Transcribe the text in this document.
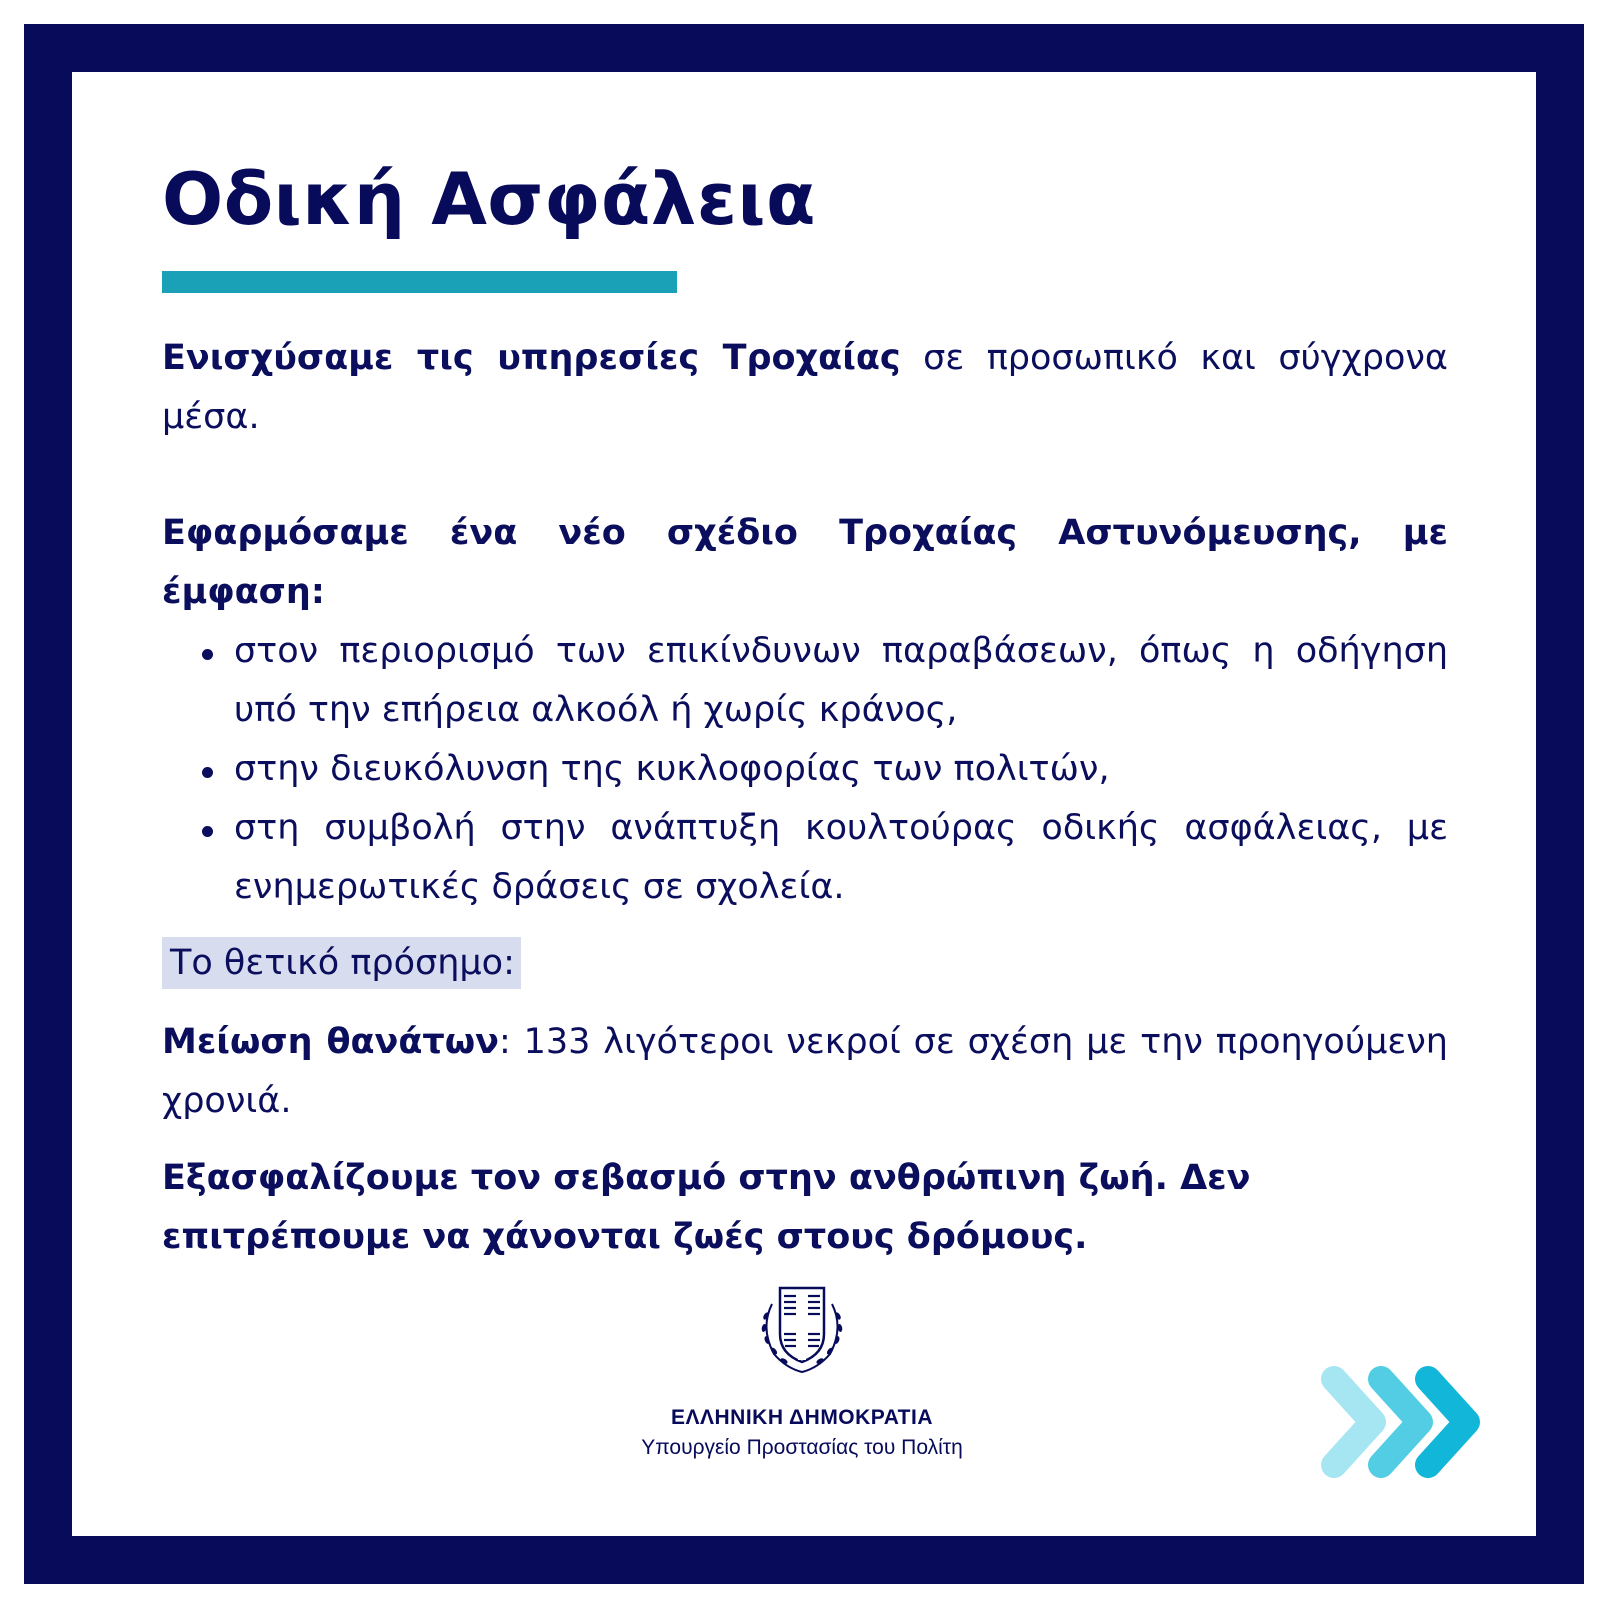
Οδική Ασφάλεια

Ενισχύσαμε τις υπηρεσίες Τροχαίας σε προσωπικό και σύγχρονα μέσα.

Εφαρμόσαμε ένα νέο σχέδιο Τροχαίας Αστυνόμευσης, με έμφαση:

στον περιορισμό των επικίνδυνων παραβάσεων, όπως η οδήγηση υπό την επήρεια αλκοόλ ή χωρίς κράνος,
στην διευκόλυνση της κυκλοφορίας των πολιτών,
στη συμβολή στην ανάπτυξη κουλτούρας οδικής ασφάλειας, με ενημερωτικές δράσεις σε σχολεία.
Το θετικό πρόσημο:

Μείωση θανάτων: 133 λιγότεροι νεκροί σε σχέση με την προηγούμενη χρονιά.

Εξασφαλίζουμε τον σεβασμό στην ανθρώπινη ζωή. Δεν επιτρέπουμε να χάνονται ζωές στους δρόμους.

ΕΛΛΗΝΙΚΗ ΔΗΜΟΚΡΑΤΙΑ
Υπουργείο Προστασίας του Πολίτη
